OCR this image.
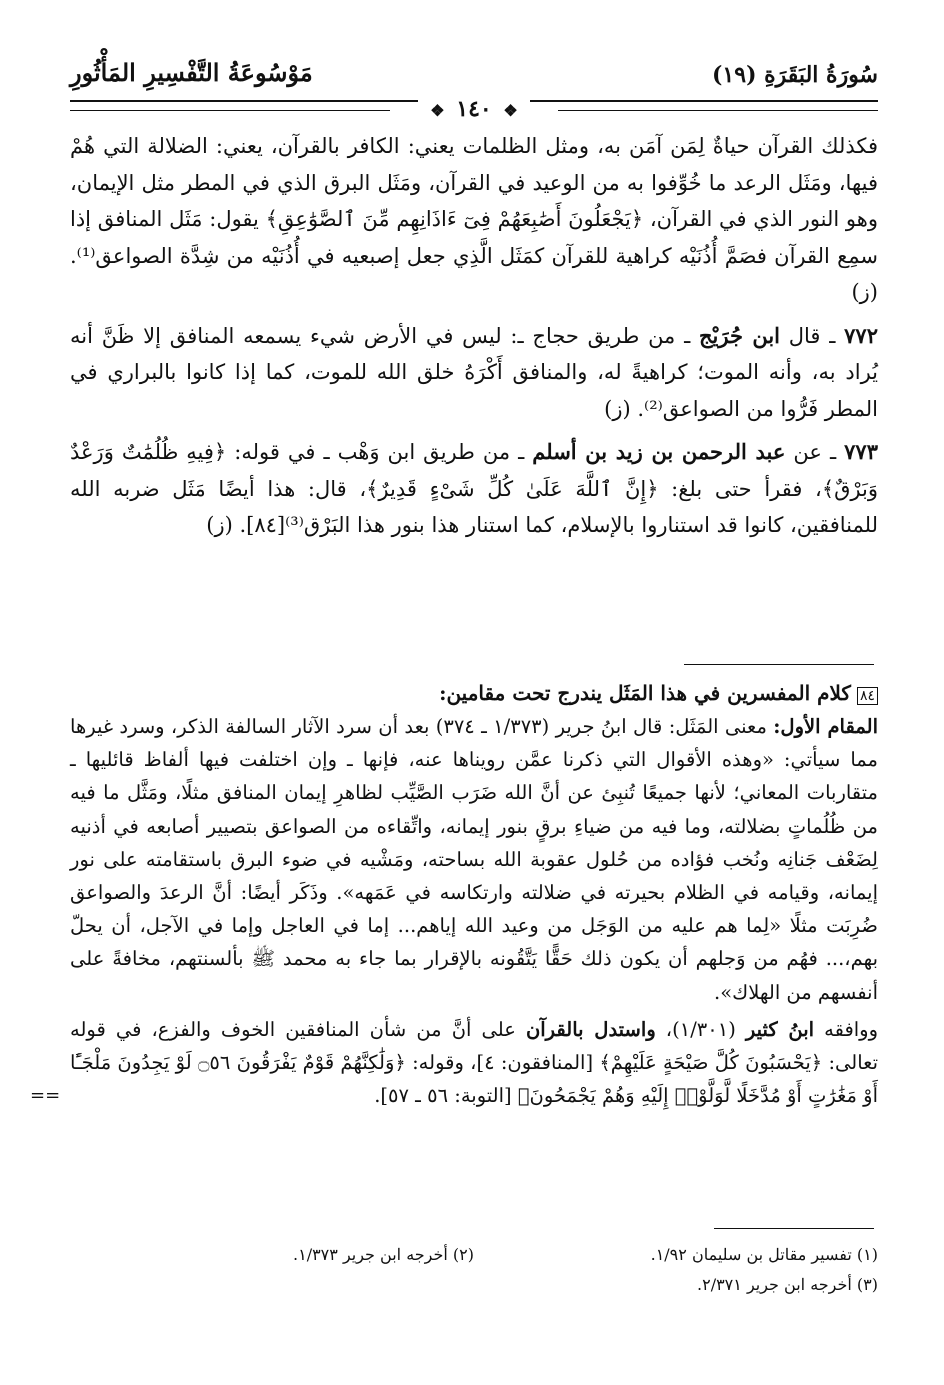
سُورَةُ البَقَرَةِ (١٩)
مَوْسُوعَةُ التَّفْسِيرِ المَأْثُورِ
❖ ١٤٠ ❖

فكذلك القرآن حياةٌ لِمَن آمَن به، ومثل الظلمات يعني: الكافر بالقرآن، يعني: الضلالة التي هُمْ فيها، ومَثَل الرعد ما خُوِّفوا به من الوعيد في القرآن، ومَثَل البرق الذي في المطر مثل الإيمان، وهو النور الذي في القرآن، ﴿يَجْعَلُونَ أَصَٰبِعَهُمْ فِىٓ ءَاذَانِهِم مِّنَ ٱلصَّوَٰعِقِ﴾ يقول: مَثَل المنافق إذا سمِع القرآن فصَمَّ أُذُنَيْه كراهية للقرآن كمَثَل الَّذِي جعل إصبعيه في أُذُنَيْه من شِدَّة الصواعق⁽¹⁾. (ز)

٧٧٢ ـ قال ابن جُرَيْج ـ من طريق حجاج ـ: ليس في الأرض شيء يسمعه المنافق إلا ظَنَّ أنه يُراد به، وأنه الموت؛ كراهيةً له، والمنافق أَكْرَهُ خلق الله للموت، كما إذا كانوا بالبراري في المطر فَرُّوا من الصواعق⁽²⁾. (ز)

٧٧٣ ـ عن عبد الرحمن بن زيد بن أسلم ـ من طريق ابن وَهْب ـ في قوله: ﴿فِيهِ ظُلُمَٰتٌ وَرَعْدٌ وَبَرْقٌ﴾، فقرأ حتى بلغ: ﴿إِنَّ ٱللَّهَ عَلَىٰ كُلِّ شَىْءٍ قَدِيرٌ﴾، قال: هذا أيضًا مَثَل ضربه الله للمنافقين، كانوا قد استناروا بالإسلام، كما استنار هذا بنور هذا البَرْق⁽³⁾[٨٤]. (ز)

٨٤كلام المفسرين في هذا المَثَل يندرج تحت مقامين:

المقام الأول: معنى المَثَل: قال ابنُ جرير (١/٣٧٣ ـ ٣٧٤) بعد أن سرد الآثار السالفة الذكر، وسرد غيرها مما سيأتي: «وهذه الأقوال التي ذكرنا عمَّن رويناها عنه، فإنها ـ وإن اختلفت فيها ألفاظ قائليها ـ متقاربات المعاني؛ لأنها جميعًا تُنبِئ عن أنَّ الله ضَرَب الصَّيِّب لظاهرِ إيمان المنافق مثلًا، ومَثَّل ما فيه من ظُلُماتٍ بضلالته، وما فيه من ضياءِ برقٍ بنور إيمانه، واتِّقاءه من الصواعق بتصيير أصابعه في أذنيه لِضَعْف جَنانِه ونُخب فؤاده من حُلول عقوبة الله بساحته، ومَشْيه في ضوء البرق باستقامته على نور إيمانه، وقيامه في الظلام بحيرته في ضلالته وارتكاسه في عَمَهه». وذَكَر أيضًا: أنَّ الرعدَ والصواعق ضُرِبَت مثلًا «لِما هم عليه من الوَجَل من وعيد الله إياهم... إما في العاجل وإما في الآجل، أن يحلّ بهم،... فهُم من وَجلهم أن يكون ذلك حَقًّا يَتَّقُونه بالإقرار بما جاء به محمد ﷺ بألسنتهم، مخافةً على أنفسهم من الهلاك».

ووافقه ابنُ كثير (١/٣٠١)، واستدل بالقرآن على أنَّ من شأن المنافقين الخوف والفزع، في قوله تعالى: ﴿يَحْسَبُونَ كُلَّ صَيْحَةٍ عَلَيْهِمْ﴾ [المنافقون: ٤]، وقوله: ﴿وَلَٰكِنَّهُمْ قَوْمٌ يَفْرَقُونَ ۝٥٦ لَوْ يَجِدُونَ مَلْجَـًٔا أَوْ مَغَٰرَٰتٍ أَوْ مُدَّخَلًا لَّوَلَّوْا۟ إِلَيْهِ وَهُمْ يَجْمَحُونَ﴾ [التوبة: ٥٦ ـ ٥٧].

==
(١) تفسير مقاتل بن سليمان ١/٩٢.
(٢) أخرجه ابن جرير ١/٣٧٣.
(٣) أخرجه ابن جرير ٢/٣٧١.
